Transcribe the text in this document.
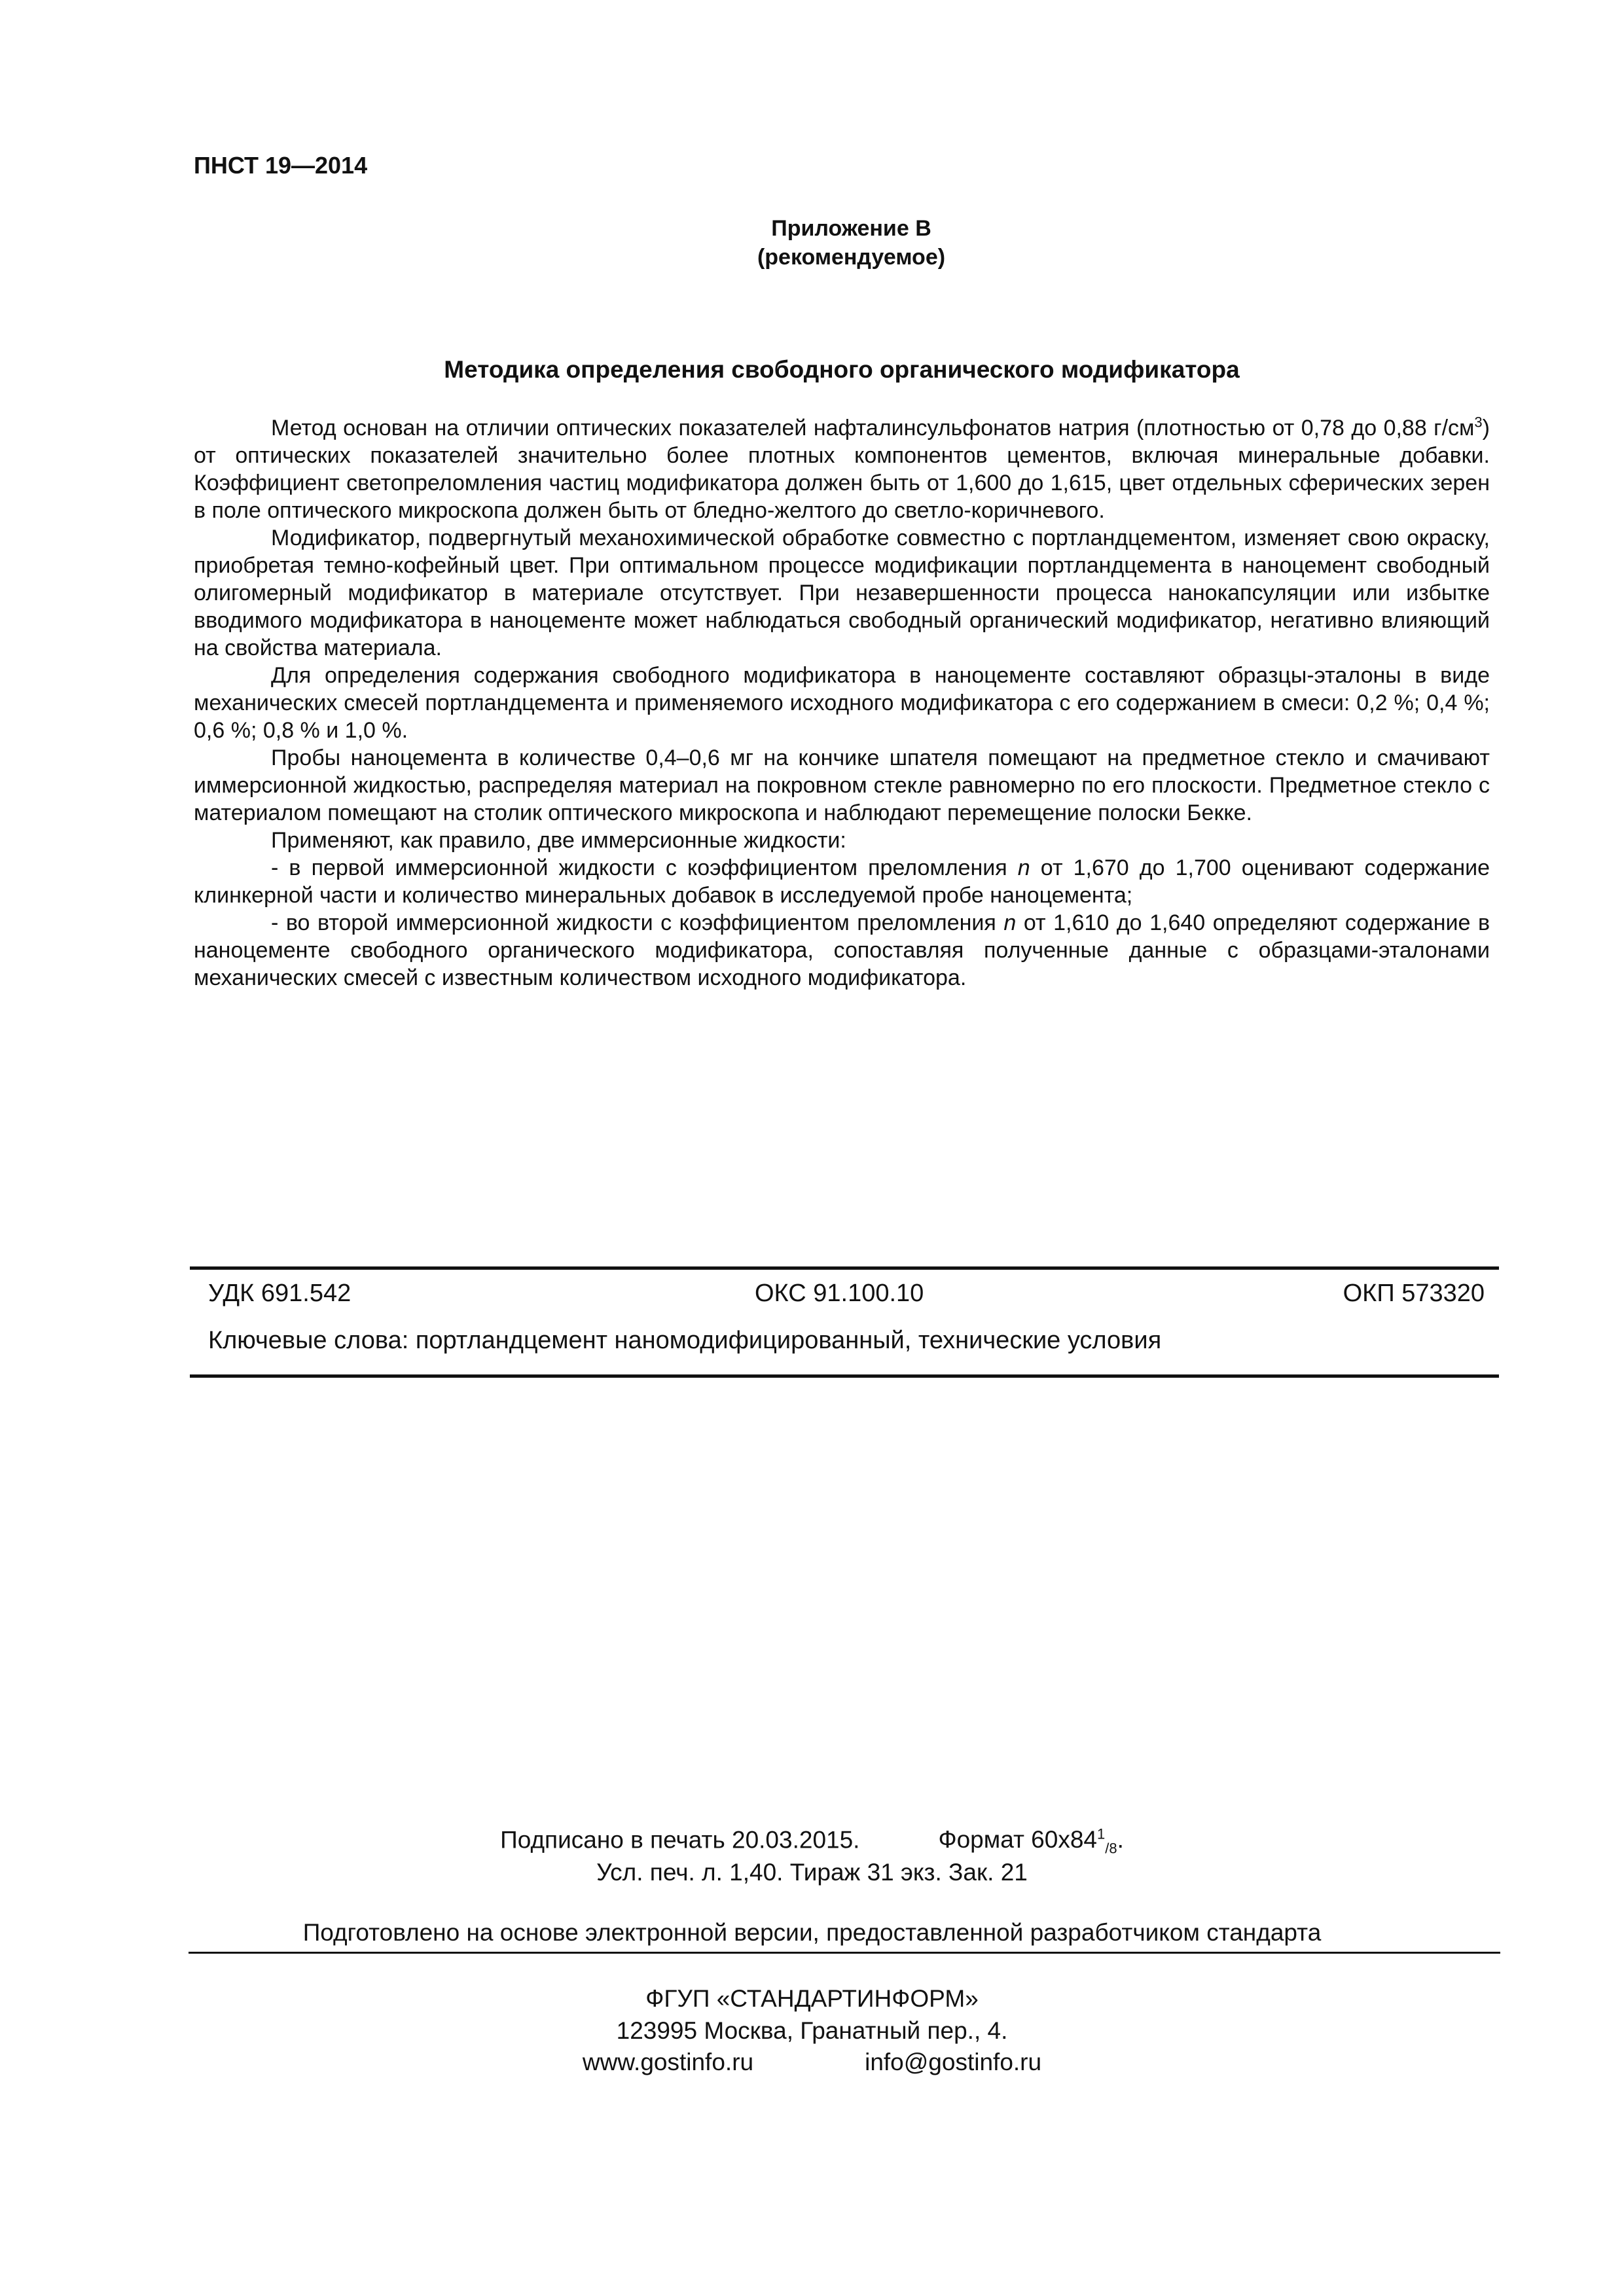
ПНСТ 19—2014
Приложение В
(рекомендуемое)
Методика определения свободного органического модификатора

Метод основан на отличии оптических показателей нафталинсульфонатов натрия (плотностью от 0,78 до 0,88 $г/см^3$) от оптических показателей значительно более плотных компонентов цементов, включая минеральные добавки. Коэффициент светопреломления частиц модификатора должен быть от 1,600 до 1,615, цвет отдельных сферических зерен в поле оптического микроскопа должен быть от бледно-желтого до светло-коричневого.

Модификатор, подвергнутый механохимической обработке совместно с портландцементом, изменяет свою окраску, приобретая темно-кофейный цвет. При оптимальном процессе модификации портландцемента в наноцемент свободный олигомерный модификатор в материале отсутствует. При незавершенности процесса нанокапсуляции или избытке вводимого модификатора в наноцементе может наблюдаться свободный органический модификатор, негативно влияющий на свойства материала.

Для определения содержания свободного модификатора в наноцементе составляют образцы-эталоны в виде механических смесей портландцемента и применяемого исходного модификатора с его содержанием в смеси: 0,2 %; 0,4 %; 0,6 %; 0,8 % и 1,0 %.

Пробы наноцемента в количестве 0,4–0,6 мг на кончике шпателя помещают на предметное стекло и смачивают иммерсионной жидкостью, распределяя материал на покровном стекле равномерно по его плоскости. Предметное стекло с материалом помещают на столик оптического микроскопа и наблюдают перемещение полоски Бекке.

Применяют, как правило, две иммерсионные жидкости:

- в первой иммерсионной жидкости с коэффициентом преломления n от 1,670 до 1,700 оценивают содержание клинкерной части и количество минеральных добавок в исследуемой пробе наноцемента;

- во второй иммерсионной жидкости с коэффициентом преломления n от 1,610 до 1,640 определяют содержание в наноцементе свободного органического модификатора, сопоставляя полученные данные с образцами-эталонами механических смесей с известным количеством исходного модификатора.

УДК 691.542	ОКС 91.100.10	ОКП 573320
Ключевые слова: портландцемент наномодифицированный, технические условия
Подписано в печать 20.03.2015.	Формат $60x84^1_{/8}$.
Усл. печ. л. 1,40. Тираж 31 экз. Зак. 21
Подготовлено на основе электронной версии, предоставленной разработчиком стандарта
ФГУП «СТАНДАРТИНФОРМ»
123995 Москва, Гранатный пер., 4.
www.gostinfo.ru	info@gostinfo.ru
